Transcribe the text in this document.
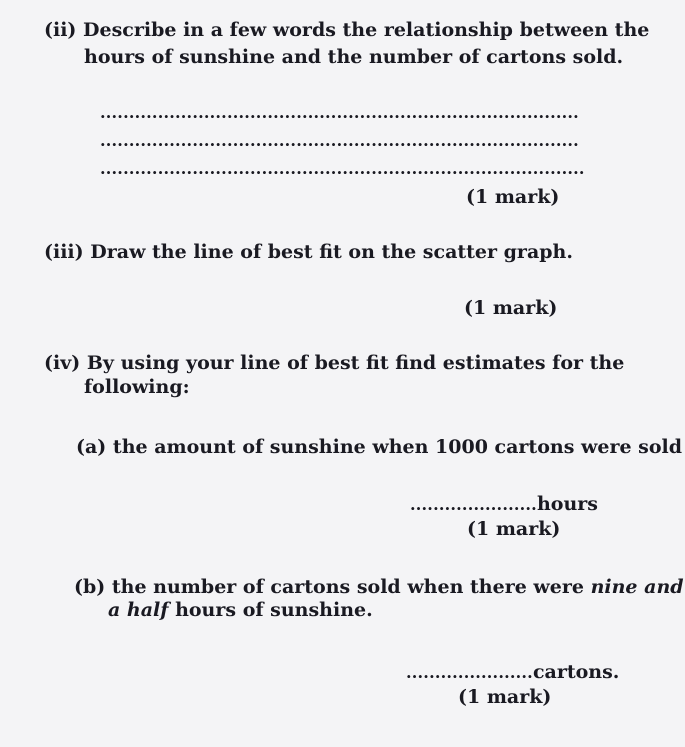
(ii) Describe in a few words the relationship between the
hours of sunshine and the number of cartons sold.
...................................................................................
...................................................................................
....................................................................................
(1 mark)
(iii) Draw the line of best fit on the scatter graph.
(1 mark)
(iv) By using your line of best fit find estimates for the
following:
(a) the amount of sunshine when 1000 cartons were sold
......................hours
(1 mark)
(b) the number of cartons sold when there were nine and
a half hours of sunshine.
......................cartons.
(1 mark)
